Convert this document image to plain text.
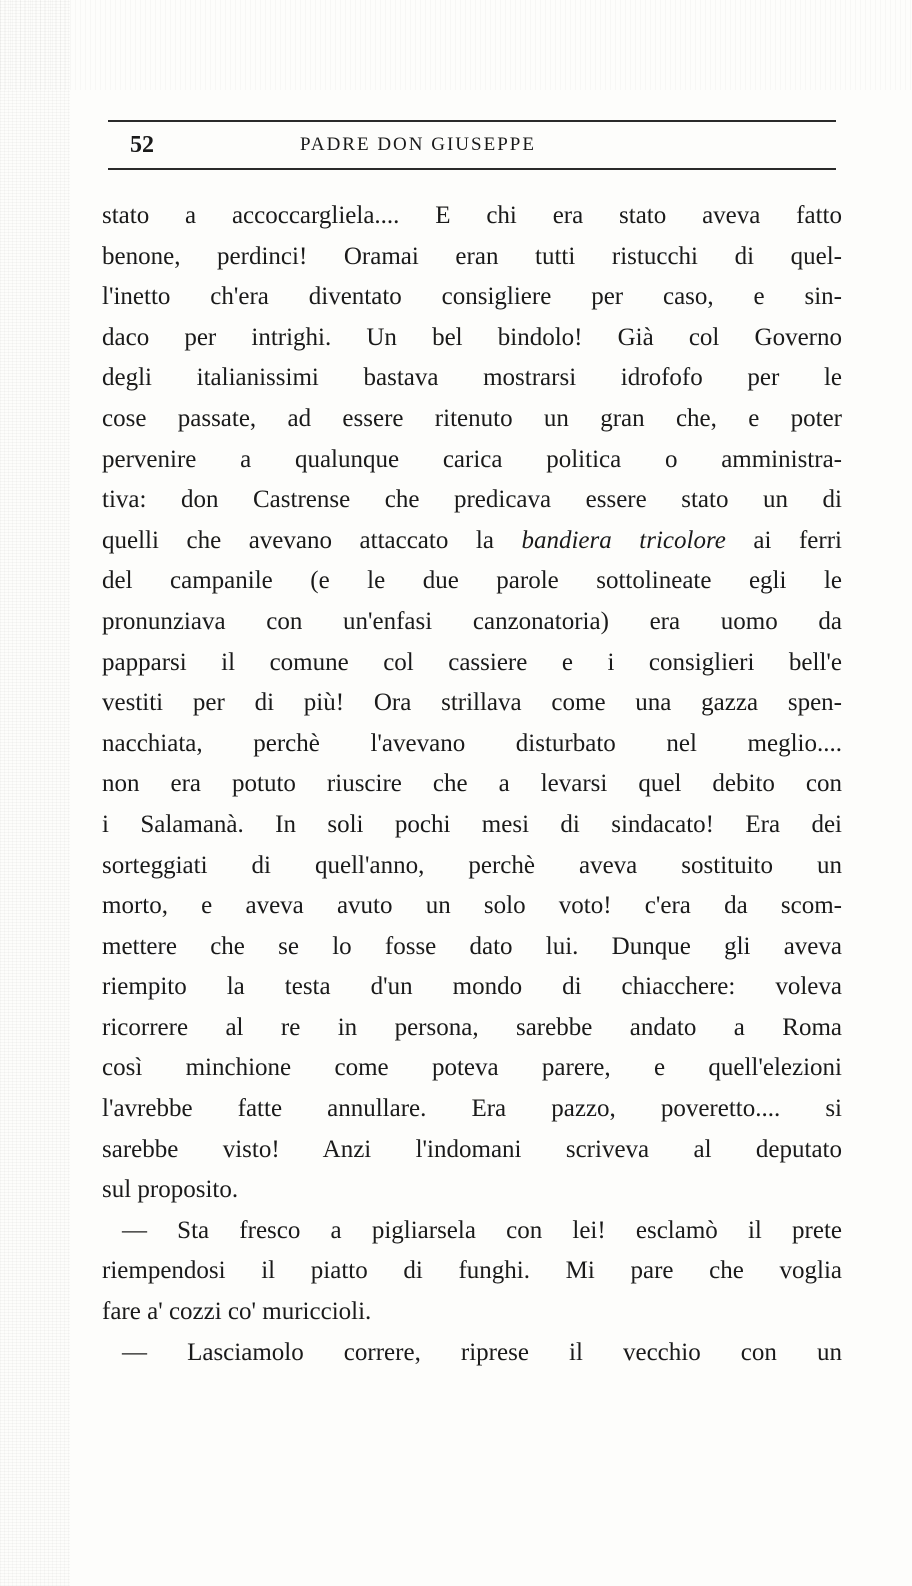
52	PADRE DON GIUSEPPE
stato a accoccargliela.... E chi era stato aveva fatto
benone, perdinci! Oramai eran tutti ristucchi di quel-
l'inetto ch'era diventato consigliere per caso, e sin-
daco per intrighi. Un bel bindolo! Già col Governo
degli italianissimi bastava mostrarsi idrofofo per le
cose passate, ad essere ritenuto un gran che, e poter
pervenire a qualunque carica politica o amministra-
tiva: don Castrense che predicava essere stato un di
quelli che avevano attaccato la bandiera tricolore ai ferri
del campanile (e le due parole sottolineate egli le
pronunziava con un'enfasi canzonatoria) era uomo da
papparsi il comune col cassiere e i consiglieri bell'e
vestiti per di più! Ora strillava come una gazza spen-
nacchiata, perchè l'avevano disturbato nel meglio....
non era potuto riuscire che a levarsi quel debito con
i Salamanà. In soli pochi mesi di sindacato! Era dei
sorteggiati di quell'anno, perchè aveva sostituito un
morto, e aveva avuto un solo voto! c'era da scom-
mettere che se lo fosse dato lui. Dunque gli aveva
riempito la testa d'un mondo di chiacchere: voleva
ricorrere al re in persona, sarebbe andato a Roma
così minchione come poteva parere, e quell'elezioni
l'avrebbe fatte annullare. Era pazzo, poveretto.... si
sarebbe visto! Anzi l'indomani scriveva al deputato
sul proposito.
— Sta fresco a pigliarsela con lei! esclamò il prete
riempendosi il piatto di funghi. Mi pare che voglia
fare a' cozzi co' muriccioli.
— Lasciamolo correre, riprese il vecchio con un
